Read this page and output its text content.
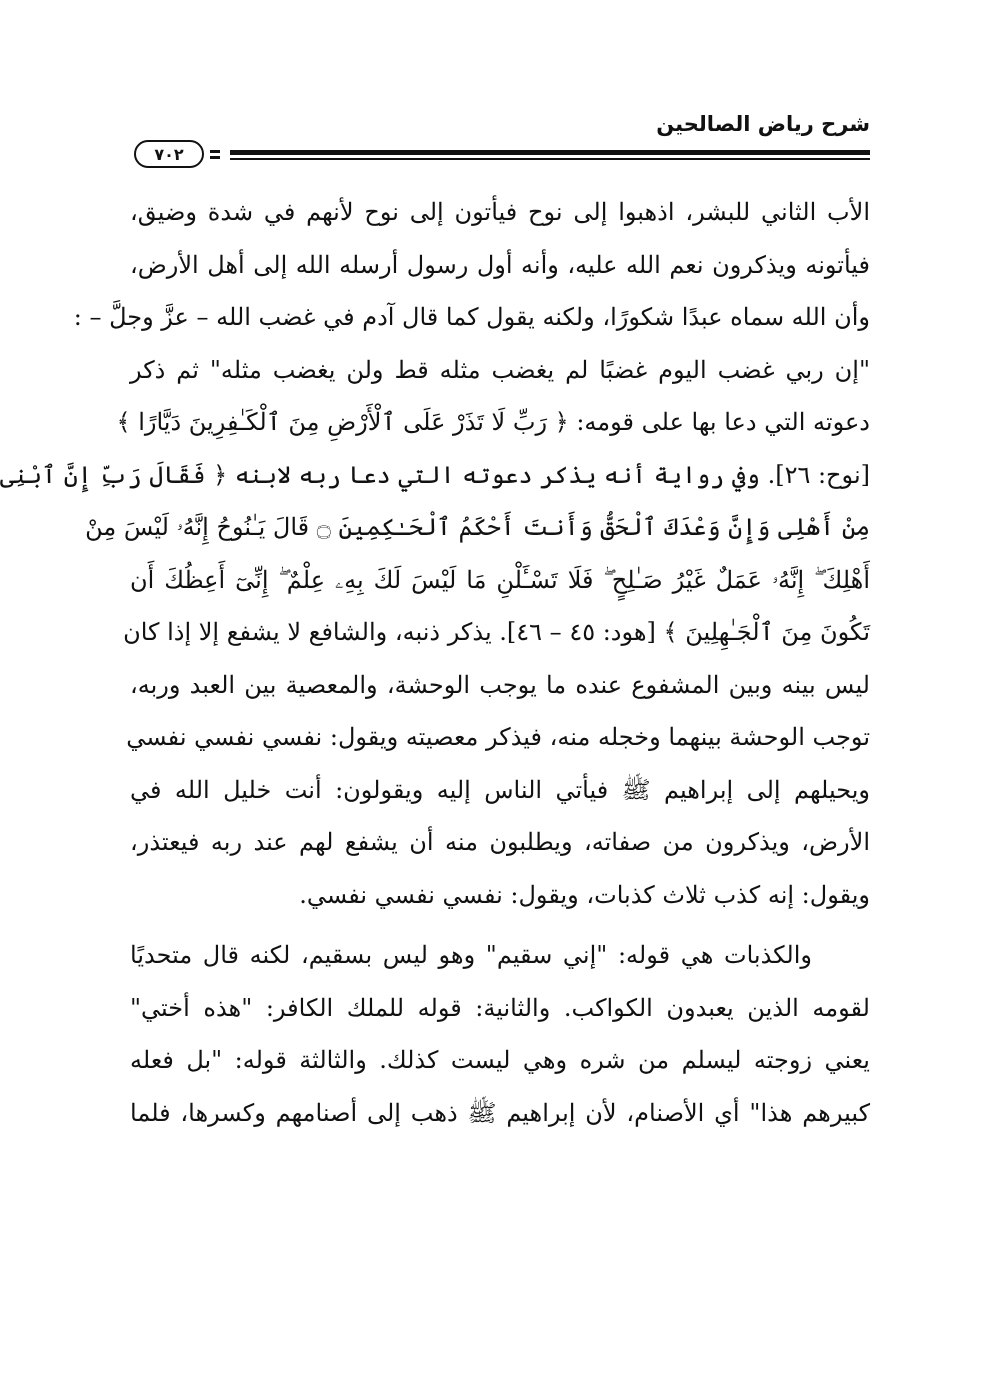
شرح رياض الصالحين
٧٠٢
الأب الثاني للبشر، اذهبوا إلى نوح فيأتون إلى نوح لأنهم في شدة وضيق،
فيأتونه ويذكرون نعم الله عليه، وأنه أول رسول أرسله الله إلى أهل الأرض،
وأن الله سماه عبدًا شكورًا، ولكنه يقول كما قال آدم في غضب الله – عزَّ وجلَّ – :
"إن ربي غضب اليوم غضبًا لم يغضب مثله قط ولن يغضب مثله" ثم ذكر
دعوته التي دعا بها على قومه: ﴿ رَبِّ لَا تَذَرْ عَلَى ٱلْأَرْضِ مِنَ ٱلْكَـٰفِرِينَ دَيَّارًا ﴾
[نوح: ٢٦]. وفي رواية أنه يذكر دعوته التي دعا ربه لابنه ﴿ فَقَالَ رَبِّ إِنَّ ٱبْنِى
مِنْ أَهْلِى وَإِنَّ وَعْدَكَ ٱلْحَقُّ وَأَنتَ أَحْكَمُ ٱلْحَـٰكِمِينَ ۝ قَالَ يَـٰنُوحُ إِنَّهُۥ لَيْسَ مِنْ
أَهْلِكَ ۖ إِنَّهُۥ عَمَلٌ غَيْرُ صَـٰلِحٍ ۖ فَلَا تَسْـَٔلْنِ مَا لَيْسَ لَكَ بِهِۦ عِلْمٌ ۖ إِنِّىٓ أَعِظُكَ أَن
تَكُونَ مِنَ ٱلْجَـٰهِلِينَ ﴾ [هود: ٤٥ – ٤٦]. يذكر ذنبه، والشافع لا يشفع إلا إذا كان
ليس بينه وبين المشفوع عنده ما يوجب الوحشة، والمعصية بين العبد وربه،
توجب الوحشة بينهما وخجله منه، فيذكر معصيته ويقول: نفسي نفسي نفسي
ويحيلهم إلى إبراهيم ﷺ فيأتي الناس إليه ويقولون: أنت خليل الله في
الأرض، ويذكرون من صفاته، ويطلبون منه أن يشفع لهم عند ربه فيعتذر،
ويقول: إنه كذب ثلاث كذبات، ويقول: نفسي نفسي نفسي.
والكذبات هي قوله: "إني سقيم" وهو ليس بسقيم، لكنه قال متحديًا
لقومه الذين يعبدون الكواكب. والثانية: قوله للملك الكافر: "هذه أختي"
يعني زوجته ليسلم من شره وهي ليست كذلك. والثالثة قوله: "بل فعله
كبيرهم هذا" أي الأصنام، لأن إبراهيم ﷺ ذهب إلى أصنامهم وكسرها، فلما
